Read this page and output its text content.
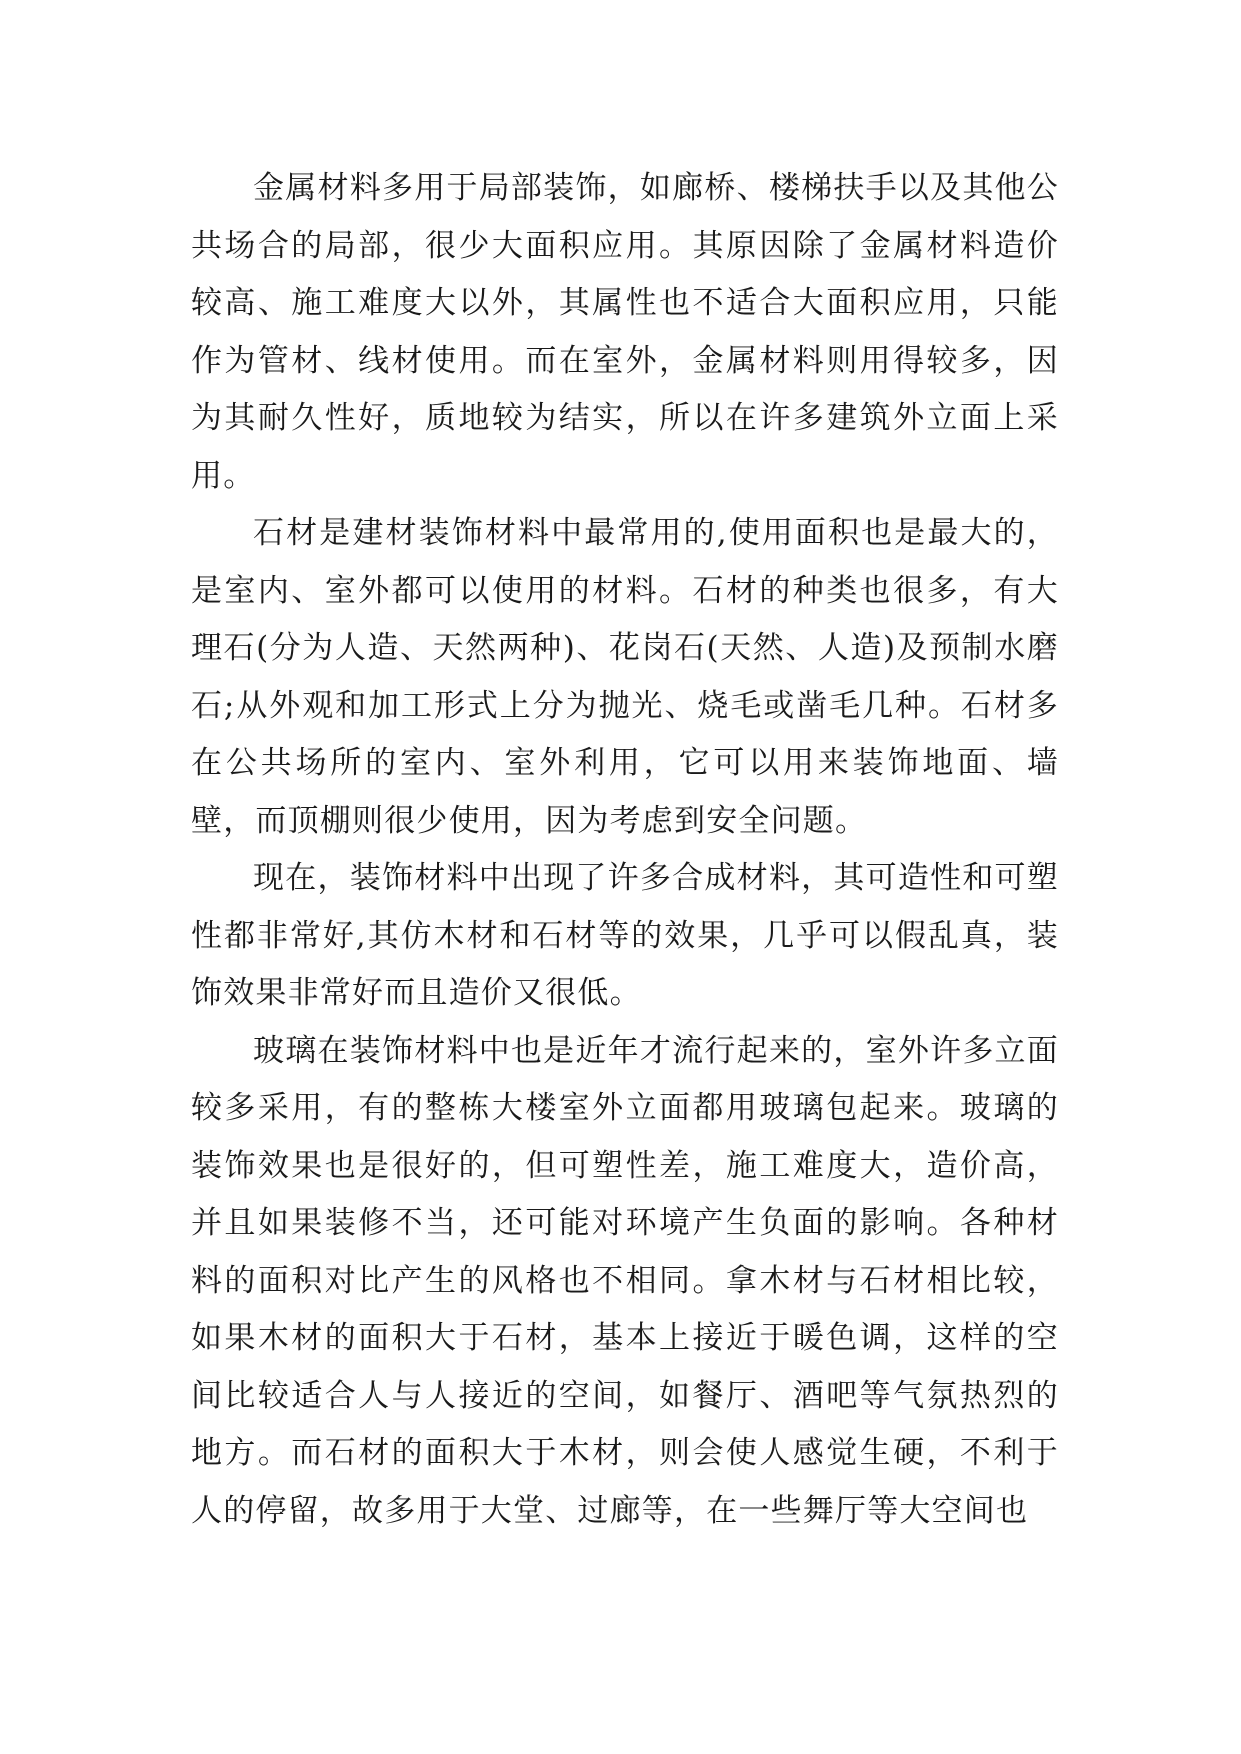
金属材料多用于局部装饰，如廊桥、楼梯扶手以及其他公共场合的局部，很少大面积应用。其原因除了金属材料造价较高、施工难度大以外，其属性也不适合大面积应用，只能作为管材、线材使用。而在室外，金属材料则用得较多，因为其耐久性好，质地较为结实，所以在许多建筑外立面上采用。

石材是建材装饰材料中最常用的,使用面积也是最大的，是室内、室外都可以使用的材料。石材的种类也很多，有大理石(分为人造、天然两种)、花岗石(天然、人造)及预制水磨石;从外观和加工形式上分为抛光、烧毛或凿毛几种。石材多在公共场所的室内、室外利用，它可以用来装饰地面、墙壁，而顶棚则很少使用，因为考虑到安全问题。

现在，装饰材料中出现了许多合成材料，其可造性和可塑性都非常好,其仿木材和石材等的效果，几乎可以假乱真，装饰效果非常好而且造价又很低。

玻璃在装饰材料中也是近年才流行起来的，室外许多立面较多采用，有的整栋大楼室外立面都用玻璃包起来。玻璃的装饰效果也是很好的，但可塑性差，施工难度大，造价高，并且如果装修不当，还可能对环境产生负面的影响。各种材料的面积对比产生的风格也不相同。拿木材与石材相比较，如果木材的面积大于石材，基本上接近于暖色调，这样的空间比较适合人与人接近的空间，如餐厅、酒吧等气氛热烈的地方。而石材的面积大于木材，则会使人感觉生硬，不利于人的停留，故多用于大堂、过廊等，在一些舞厅等大空间也
